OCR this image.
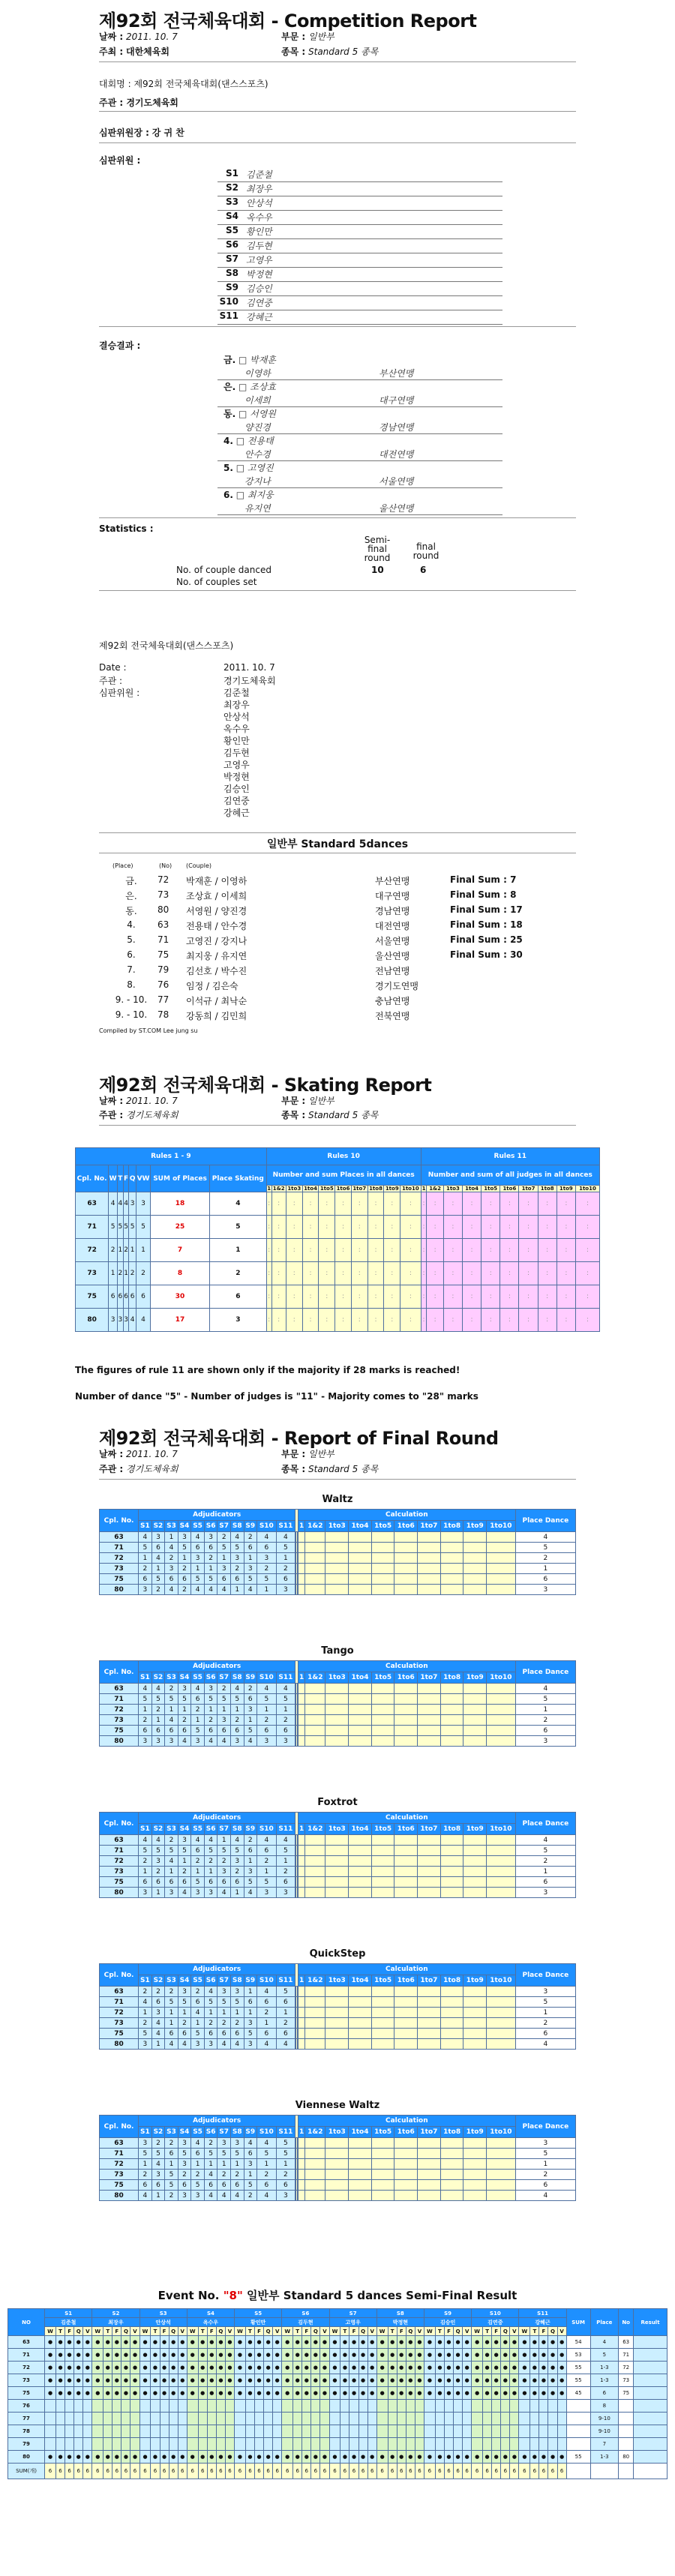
제92회 전국체육대회 - Competition Report
날짜 : 2011. 10. 7	부문 : 일반부
주최 : 대한체육회	종목 : Standard 5 종목
대회명 : 제92회 전국체육대회(댄스스포츠)
주관 : 경기도체육회
심판위원장 : 강 귀 찬
심판위원 :
S1 김준철
S2 최장우
S3 안상석
S4 옥수우
S5 황인만
S6 김두현
S7 고영우
S8 박정현
S9 김승인
S10 김연중
S11 강혜근
결승결과 :
금. □ 박재훈
이영하	부산연맹
은. □ 조상효
이세희	대구연맹
동. □ 서영원
양진경	경남연맹
4. □ 전용태
안수경	대전연맹
5. □ 고영진
강지나	서울연맹
6. □ 최지웅
유지연	울산연맹
Statistics :
Semi-final round
final round
No. of couple danced	10	6
No. of couples set
제92회 전국체육대회(댄스스포츠)
Date :	2011. 10. 7
주관 :	경기도체육회
심판위원 :	김준철
최장우
안상석
옥수우
황인만
김두현
고영우
박정현
김승인
김연중
강혜근
일반부 Standard 5dances
(Place)	(No) (Couple)
금.	72 박재훈 / 이영하	부산연맹	Final Sum : 7
은.	73 조상효 / 이세희	대구연맹	Final Sum : 8
동.	80 서영원 / 양진경	경남연맹	Final Sum : 17
4.	63 전용태 / 안수경	대전연맹	Final Sum : 18
5.	71 고영진 / 강지나	서울연맹	Final Sum : 25
6.	75 최지웅 / 유지연	울산연맹	Final Sum : 30
7.	79 김선호 / 박수진	전남연맹
8.	76 임정 / 김은숙	경기도연맹
9. - 10.	77 이석규 / 최낙순	충남연맹
9. - 10.	78 강동희 / 김민희	전북연맹
Compiled by ST.COM Lee jung su
제92회 전국체육대회 - Skating Report
날짜 : 2011. 10. 7	부문 : 일반부
주관 : 경기도체육회	종목 : Standard 5 종목
Rules 1 - 9								Rules 10										Rules 11									
Cpl. No.	W	T	F	Q	VW	SUM of Places	Place Skating	Number and sum Places in all dances										Number and sum of all judges in all dances									
								1	1&2	1to3	1to4	1to5	1to6	1to7	1to8	1to9	1to10	1	1&2	1to3	1to4	1to5	1to6	1to7	1to8	1to9	1to10
63	4	4	4	3	3	18	4	:	:	:	:	:	:	:	:	:	:	:	:	:	:	:	:	:	:	:	:
71	5	5	5	5	5	25	5	:	:	:	:	:	:	:	:	:	:	:	:	:	:	:	:	:	:	:	:
72	2	1	2	1	1	7	1	:	:	:	:	:	:	:	:	:	:	:	:	:	:	:	:	:	:	:	:
73	1	2	1	2	2	8	2	:	:	:	:	:	:	:	:	:	:	:	:	:	:	:	:	:	:	:	:
75	6	6	6	6	6	30	6	:	:	:	:	:	:	:	:	:	:	:	:	:	:	:	:	:	:	:	:
80	3	3	3	4	4	17	3	:	:	:	:	:	:	:	:	:	:	:	:	:	:	:	:	:	:	:	:
The figures of rule 11 are shown only if the majority if 28 marks is reached!
Number of dance "5" - Number of judges is "11" - Majority comes to "28" marks
제92회 전국체육대회 - Report of Final Round
날짜 : 2011. 10. 7	부문 : 일반부
주관 : 경기도체육회	종목 : Standard 5 종목
Waltz
Cpl. No.	Adjudicators												Calculation										Place Dance
	S1	S2	S3	S4	S5	S6	S7	S8	S9	S10	S11		1	1&2	1to3	1to4	1to5	1to6	1to7	1to8	1to9	1to10	
63	4	3	1	3	4	3	2	4	2	4	4														4
71	5	6	4	5	6	6	5	5	6	6	5														5
72	1	4	2	1	3	2	1	3	1	3	1														2
73	2	1	3	2	1	1	3	2	3	2	2														1
75	6	5	6	6	5	5	6	6	5	5	6														6
80	3	2	4	2	4	4	4	1	4	1	3														3
Tango
Cpl. No.	Adjudicators												Calculation										Place Dance
	S1	S2	S3	S4	S5	S6	S7	S8	S9	S10	S11		1	1&2	1to3	1to4	1to5	1to6	1to7	1to8	1to9	1to10	
63	4	4	2	3	4	3	2	4	2	4	4														4
71	5	5	5	5	6	5	5	5	6	5	5														5
72	1	2	1	1	2	1	1	1	3	1	1														1
73	2	1	4	2	1	2	3	2	1	2	2														2
75	6	6	6	6	5	6	6	6	5	6	6														6
80	3	3	3	4	3	4	4	3	4	3	3														3
Foxtrot
Cpl. No.	Adjudicators												Calculation										Place Dance
	S1	S2	S3	S4	S5	S6	S7	S8	S9	S10	S11		1	1&2	1to3	1to4	1to5	1to6	1to7	1to8	1to9	1to10	
63	4	4	2	3	4	4	1	4	2	4	4														4
71	5	5	5	5	6	5	5	5	6	6	5														5
72	2	3	4	1	2	2	2	3	1	2	1														2
73	1	2	1	2	1	1	3	2	3	1	2														1
75	6	6	6	6	5	6	6	6	5	5	6														6
80	3	1	3	4	3	3	4	1	4	3	3														3
QuickStep
Cpl. No.	Adjudicators												Calculation										Place Dance
	S1	S2	S3	S4	S5	S6	S7	S8	S9	S10	S11		1	1&2	1to3	1to4	1to5	1to6	1to7	1to8	1to9	1to10	
63	2	2	2	3	2	4	3	3	1	4	5														3
71	4	6	5	5	6	5	5	5	6	6	6														5
72	1	3	1	1	4	1	1	1	1	2	1														1
73	2	4	1	2	1	2	2	2	3	1	2														2
75	5	4	6	6	5	6	6	6	5	6	6														6
80	3	1	4	4	3	3	4	4	3	4	4														4
Viennese Waltz
Cpl. No.	Adjudicators												Calculation										Place Dance
	S1	S2	S3	S4	S5	S6	S7	S8	S9	S10	S11		1	1&2	1to3	1to4	1to5	1to6	1to7	1to8	1to9	1to10	
63	3	2	2	3	4	2	3	3	4	4	5														3
71	5	5	6	5	6	5	5	5	6	5	5														5
72	1	4	1	3	1	1	1	1	3	1	1														1
73	2	3	5	2	2	4	2	2	1	2	2														2
75	6	6	5	6	5	6	6	6	5	6	6														6
80	4	1	2	3	3	4	4	4	2	4	3														4
Event No. "8" 일반부 Standard 5 dances Semi-Final Result
NO	S1					S2					S3					S4					S5					S6					S7					S8					S9					S10					S11					SUM	Place	No	Result
	김준철					최장우					안상석					옥수우					황인만					김두현					고영우					박정현					김승인					김연중					강혜근								
	W	T	F	Q	V	W	T	F	Q	V	W	T	F	Q	V	W	T	F	Q	V	W	T	F	Q	V	W	T	F	Q	V	W	T	F	Q	V	W	T	F	Q	V	W	T	F	Q	V	W	T	F	Q	V	W	T	F	Q	V				
63	●	●	●	●	●	●	●	●	●	●	●	●	●	●	●	●	●	●	●	●	●	●	●	●	●	●	●	●	●	●	●	●	●	●	●	●	●	●	●	●	●	●	●	●	●	●	●	●	●	●	●	●	●	●	●	54	4	63	
71	●	●	●	●	●	●	●	●	●	●	●	●	●	●	●	●	●	●	●	●	●	●	●	●	●	●	●	●	●	●	●	●	●	●	●	●	●	●	●	●	●	●	●	●	●	●	●	●	●	●	●	●	●	●	●	53	5	71	
72	●	●	●	●	●	●	●	●	●	●	●	●	●	●	●	●	●	●	●	●	●	●	●	●	●	●	●	●	●	●	●	●	●	●	●	●	●	●	●	●	●	●	●	●	●	●	●	●	●	●	●	●	●	●	●	55	1-3	72	
73	●	●	●	●	●	●	●	●	●	●	●	●	●	●	●	●	●	●	●	●	●	●	●	●	●	●	●	●	●	●	●	●	●	●	●	●	●	●	●	●	●	●	●	●	●	●	●	●	●	●	●	●	●	●	●	55	1-3	73	
75	●	●	●	●	●	●	●	●	●	●	●	●	●	●	●	●	●	●	●	●	●	●	●	●	●	●	●	●	●	●	●	●	●	●	●	●	●	●	●	●	●	●	●	●	●	●	●	●	●	●	●	●	●	●	●	45	6	75	
76																																																									8		
77																																																									9-10		
78																																																									9-10		
79																																																									7		
80	●	●	●	●	●	●	●	●	●	●	●	●	●	●	●	●	●	●	●	●	●	●	●	●	●	●	●	●	●	●	●	●	●	●	●	●	●	●	●	●	●	●	●	●	●	●	●	●	●	●	●	●	●	●	●	55	1-3	80	
SUM(개)	6	6	6	6	6	6	6	6	6	6	6	6	6	6	6	6	6	6	6	6	6	6	6	6	6	6	6	6	6	6	6	6	6	6	6	6	6	6	6	6	6	6	6	6	6	6	6	6	6	6	6	6	6	6	6				
